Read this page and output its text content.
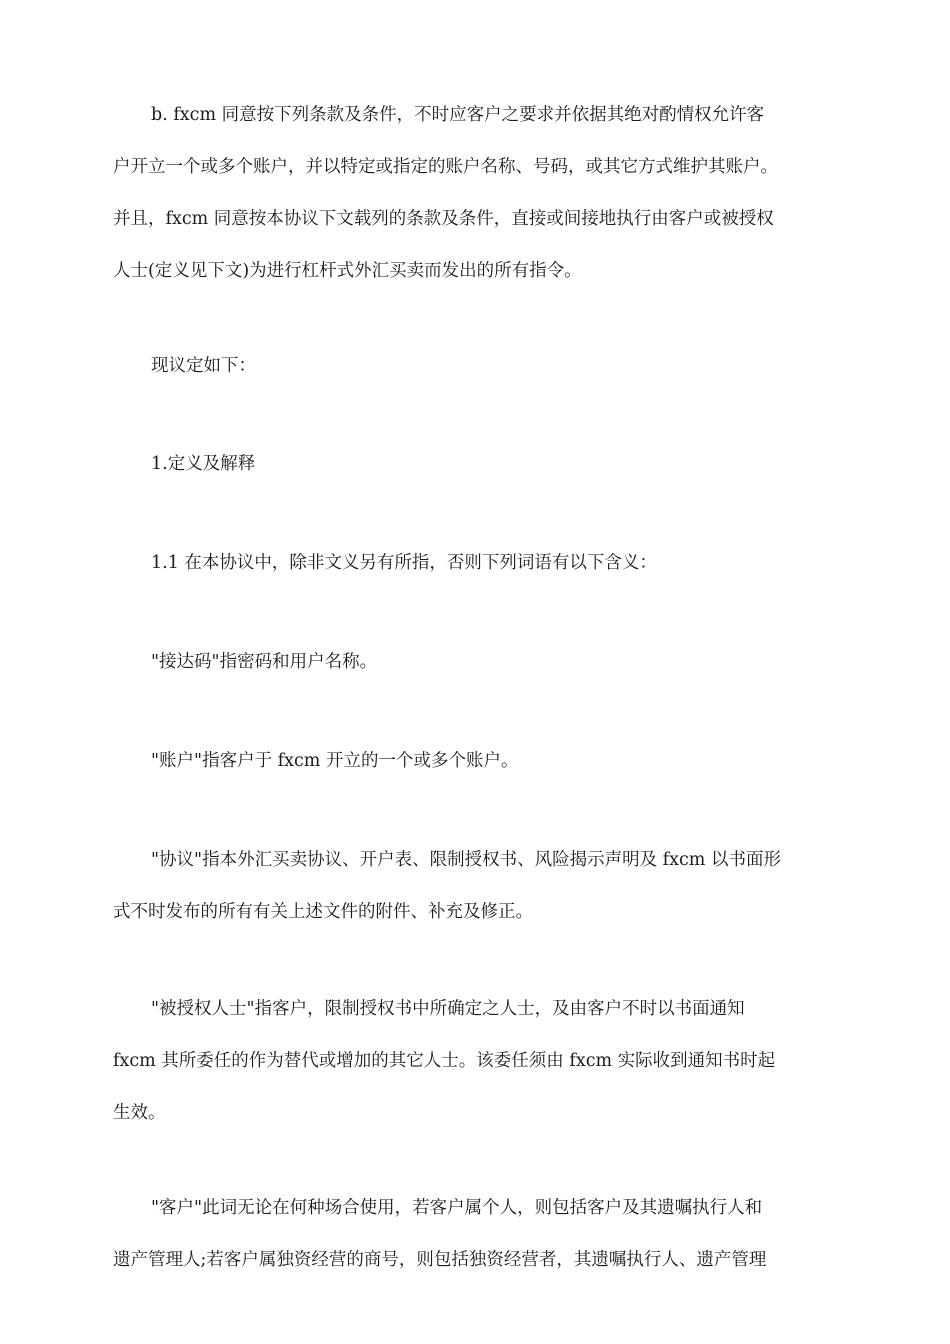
b. fxcm 同意按下列条款及条件，不时应客户之要求并依据其绝对酌情权允许客
户开立一个或多个账户，并以特定或指定的账户名称、号码，或其它方式维护其账户。
并且，fxcm 同意按本协议下文载列的条款及条件，直接或间接地执行由客户或被授权
人士(定义见下文)为进行杠杆式外汇买卖而发出的所有指令。
现议定如下：
1.定义及解释
1.1 在本协议中，除非文义另有所指，否则下列词语有以下含义：
"接达码"指密码和用户名称。
"账户"指客户于 fxcm 开立的一个或多个账户。
"协议"指本外汇买卖协议、开户表、限制授权书、风险揭示声明及 fxcm 以书面形
式不时发布的所有有关上述文件的附件、补充及修正。
"被授权人士"指客户，限制授权书中所确定之人士，及由客户不时以书面通知
fxcm 其所委任的作为替代或增加的其它人士。该委任须由 fxcm 实际收到通知书时起
生效。
"客户"此词无论在何种场合使用，若客户属个人，则包括客户及其遗嘱执行人和
遗产管理人;若客户属独资经营的商号，则包括独资经营者，其遗嘱执行人、遗产管理
